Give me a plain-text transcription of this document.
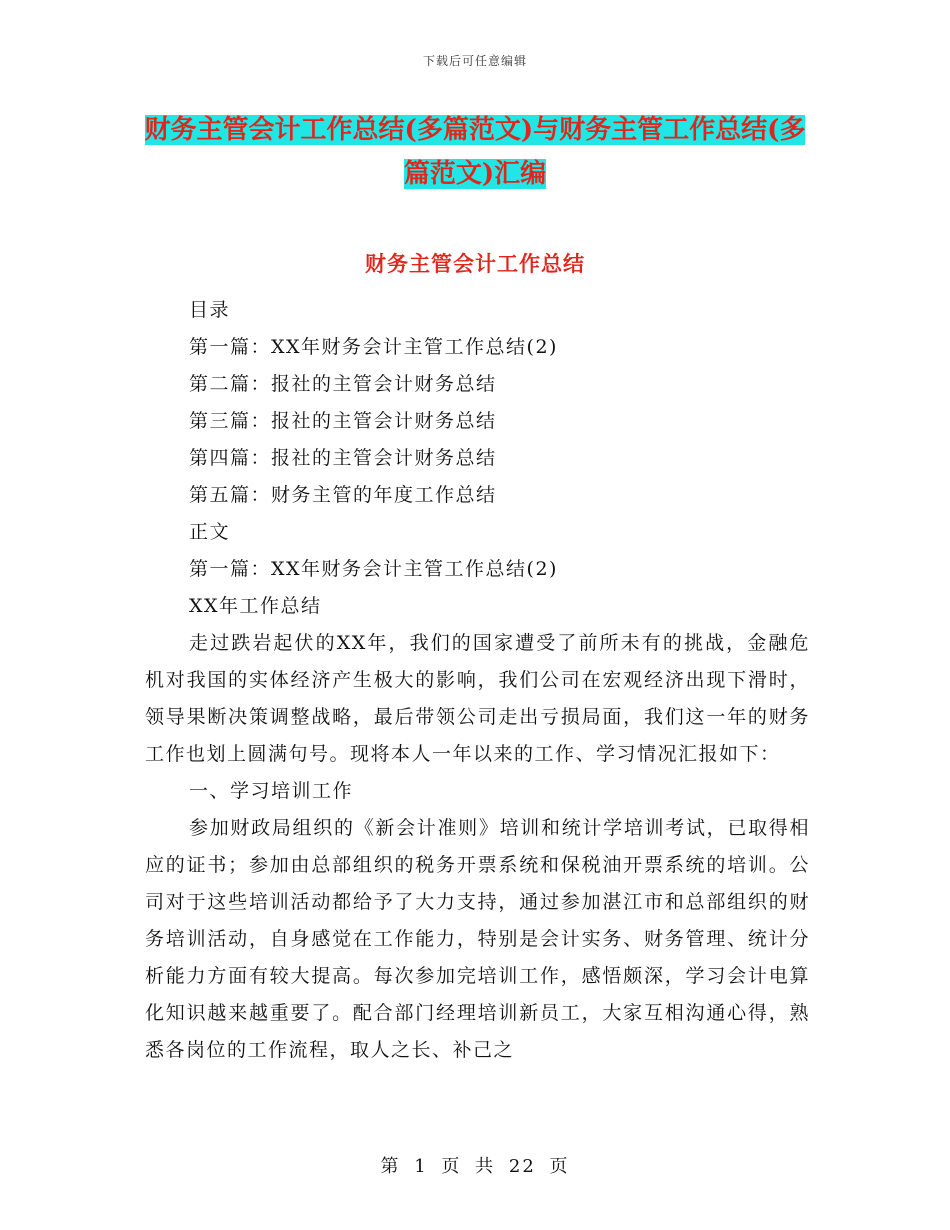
下载后可任意编辑
财务主管会计工作总结(多篇范文)与财务主管工作总结(多篇范文)汇编
财务主管会计工作总结
目录
第一篇：XX年财务会计主管工作总结(2)
第二篇：报社的主管会计财务总结
第三篇：报社的主管会计财务总结
第四篇：报社的主管会计财务总结
第五篇：财务主管的年度工作总结
正文
第一篇：XX年财务会计主管工作总结(2)
XX年工作总结

走过跌岩起伏的XX年，我们的国家遭受了前所未有的挑战，金融危机对我国的实体经济产生极大的影响，我们公司在宏观经济出现下滑时，领导果断决策调整战略，最后带领公司走出亏损局面，我们这一年的财务工作也划上圆满句号。现将本人一年以来的工作、学习情况汇报如下：

一、学习培训工作

参加财政局组织的《新会计准则》培训和统计学培训考试，已取得相应的证书；参加由总部组织的税务开票系统和保税油开票系统的培训。公司对于这些培训活动都给予了大力支持，通过参加湛江市和总部组织的财务培训活动，自身感觉在工作能力，特别是会计实务、财务管理、统计分析能力方面有较大提高。每次参加完培训工作，感悟颇深，学习会计电算化知识越来越重要了。配合部门经理培训新员工，大家互相沟通心得，熟悉各岗位的工作流程，取人之长、补己之

第 1 页 共 22 页
